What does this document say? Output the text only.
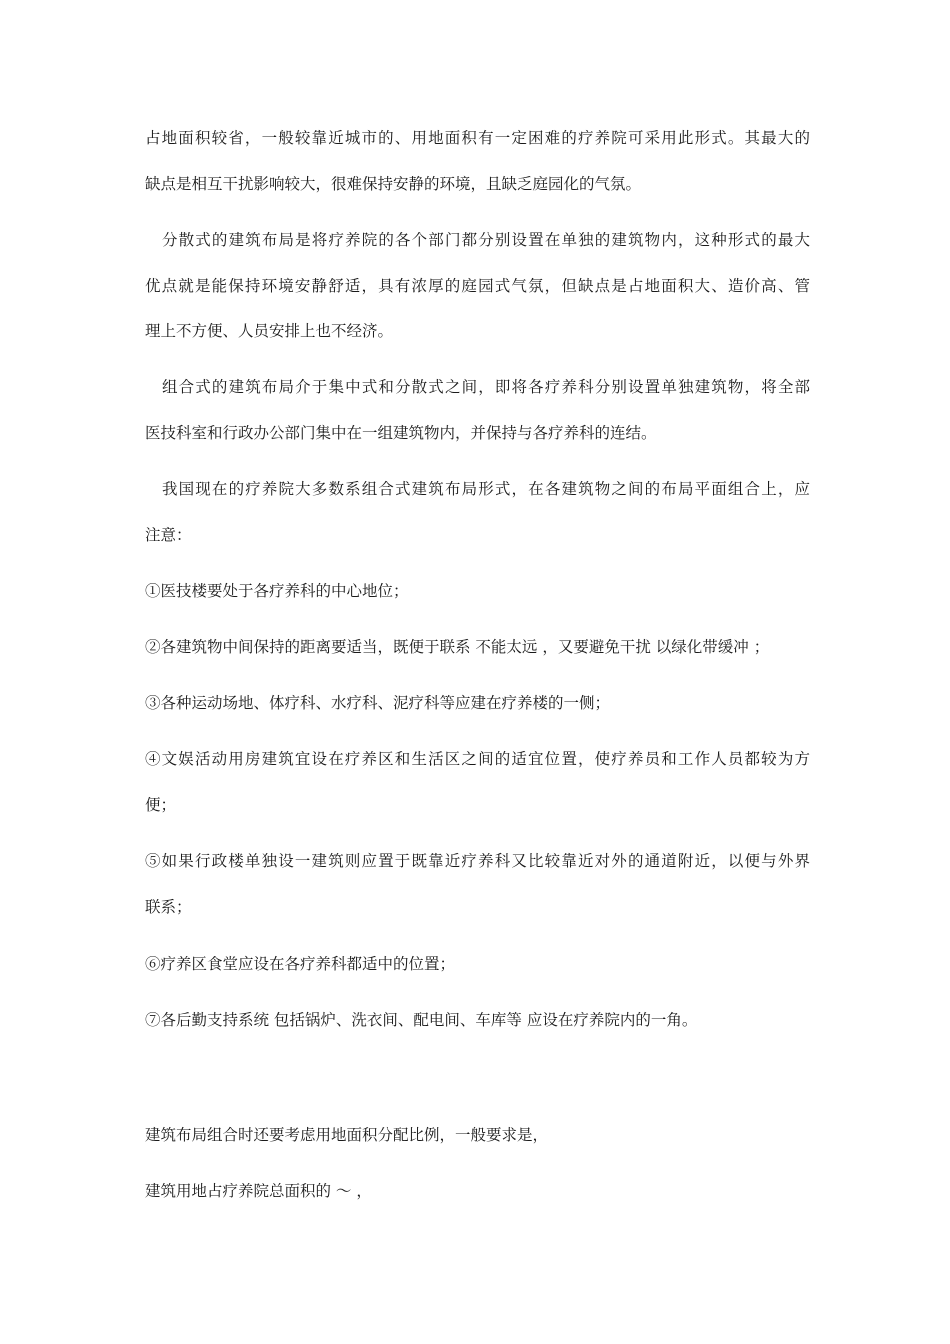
占地面积较省，一般较靠近城市的、用地面积有一定困难的疗养院可采用此形式。其最大的
缺点是相互干扰影响较大，很难保持安静的环境，且缺乏庭园化的气氛。
分散式的建筑布局是将疗养院的各个部门都分别设置在单独的建筑物内，这种形式的最大
优点就是能保持环境安静舒适，具有浓厚的庭园式气氛，但缺点是占地面积大、造价高、管
理上不方便、人员安排上也不经济。
组合式的建筑布局介于集中式和分散式之间，即将各疗养科分别设置单独建筑物，将全部
医技科室和行政办公部门集中在一组建筑物内，并保持与各疗养科的连结。
我国现在的疗养院大多数系组合式建筑布局形式，在各建筑物之间的布局平面组合上，应
注意：
①医技楼要处于各疗养科的中心地位；
②各建筑物中间保持的距离要适当，既便于联系 不能太远 ，又要避免干扰 以绿化带缓冲 ；
③各种运动场地、体疗科、水疗科、泥疗科等应建在疗养楼的一侧；
④文娱活动用房建筑宜设在疗养区和生活区之间的适宜位置，使疗养员和工作人员都较为方
便；
⑤如果行政楼单独设一建筑则应置于既靠近疗养科又比较靠近对外的通道附近，以便与外界
联系；
⑥疗养区食堂应设在各疗养科都适中的位置；
⑦各后勤支持系统 包括锅炉、洗衣间、配电间、车库等 应设在疗养院内的一角。
建筑布局组合时还要考虑用地面积分配比例，一般要求是，
建筑用地占疗养院总面积的 ～ ，
